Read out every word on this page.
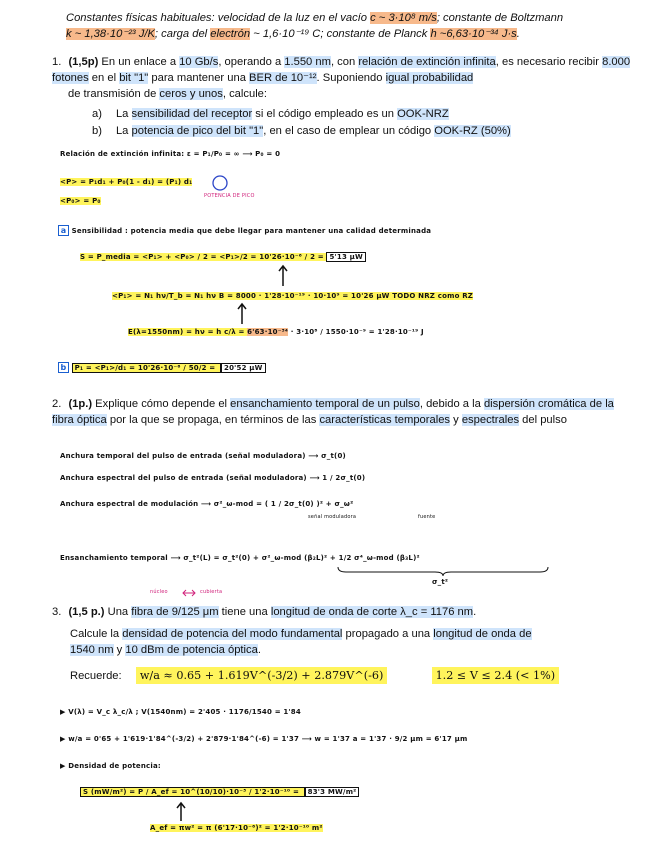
Constantes físicas habituales: velocidad de la luz en el vacío c ~ 3·10⁸ m/s; constante de Boltzmann
k ~ 1,38·10⁻²³ J/K; carga del electrón ~ 1,6·10⁻¹⁹ C; constante de Planck h ~6,63·10⁻³⁴ J·s.
1. (1,5p) En un enlace a 10 Gb/s, operando a 1.550 nm, con relación de extinción infinita, es necesario recibir 8.000 fotones en el bit "1" para mantener una BER de 10⁻¹². Suponiendo igual probabilidad
de transmisión de ceros y unos, calcule:
a) La sensibilidad del receptor si el código empleado es un OOK-NRZ
b) La potencia de pico del bit "1", en el caso de emplear un código OOK-RZ (50%)
Relación de extinción infinita: ε = P₁/P₀ = ∞ ⟶ P₀ = 0
<P> = P₁d₁ + P₀(1 - d₁) = (P₁) d₁
POTENCIA DE PICO
<P₀> = P₀
a Sensibilidad : potencia media que debe llegar para mantener una calidad determinada
S = P_media = <P₁> + <P₀> / 2 = <P₁>/2 = 10'26·10⁻⁶ / 2 = 5'13 μW
<P₁> = N₁ hν/T_b = N₁ hν B = 8000 · 1'28·10⁻¹⁹ · 10·10⁹ = 10'26 μW TODO NRZ como RZ
E(λ=1550nm) = hν = h c/λ = 6'63·10⁻³⁴ · 3·10⁸ / 1550·10⁻⁹ = 1'28·10⁻¹⁹ J
b P₁ = <P₁>/d₁ = 10'26·10⁻⁶ / 50/2 = 20'52 μW
2. (1p.) Explique cómo depende el ensanchamiento temporal de un pulso, debido a la dispersión cromática de la fibra óptica por la que se propaga, en términos de las características temporales y espectrales del pulso
Anchura temporal del pulso de entrada (señal moduladora) ⟶ σ_t(0)
Anchura espectral del pulso de entrada (señal moduladora) ⟶ 1 / 2σ_t(0)
Anchura espectral de modulación ⟶ σ²_ω-mod = ( 1 / 2σ_t(0) )² + σ_ω²
señal moduladora	fuente
Ensanchamiento temporal ⟶ σ_t²(L) = σ_t²(0) + σ²_ω-mod (β₂L)² + 1/2 σ⁴_ω-mod (β₃L)²
σ_t²
núcleo	cubierta
3. (1,5 p.) Una fibra de 9/125 μm tiene una longitud de onda de corte λ_c = 1176 nm.
Calcule la densidad de potencia del modo fundamental propagado a una longitud de onda de
1540 nm y 10 dBm de potencia óptica.
Recuerde: w/a ≈ 0.65 + 1.619V^(-3/2) + 2.879V^(-6)	1.2 ≤ V ≤ 2.4 (< 1%)
▶ V(λ) = V_c λ_c/λ ; V(1540nm) = 2'405 · 1176/1540 = 1'84
▶ w/a = 0'65 + 1'619·1'84^(-3/2) + 2'879·1'84^(-6) = 1'37 ⟶ w = 1'37 a = 1'37 · 9/2 μm = 6'17 μm
▶ Densidad de potencia:
S (mW/m²) = P / A_ef = 10^(10/10)·10⁻³ / 1'2·10⁻¹⁰ = 83'3 MW/m²
A_ef = πw² = π (6'17·10⁻⁶)² = 1'2·10⁻¹⁰ m²
